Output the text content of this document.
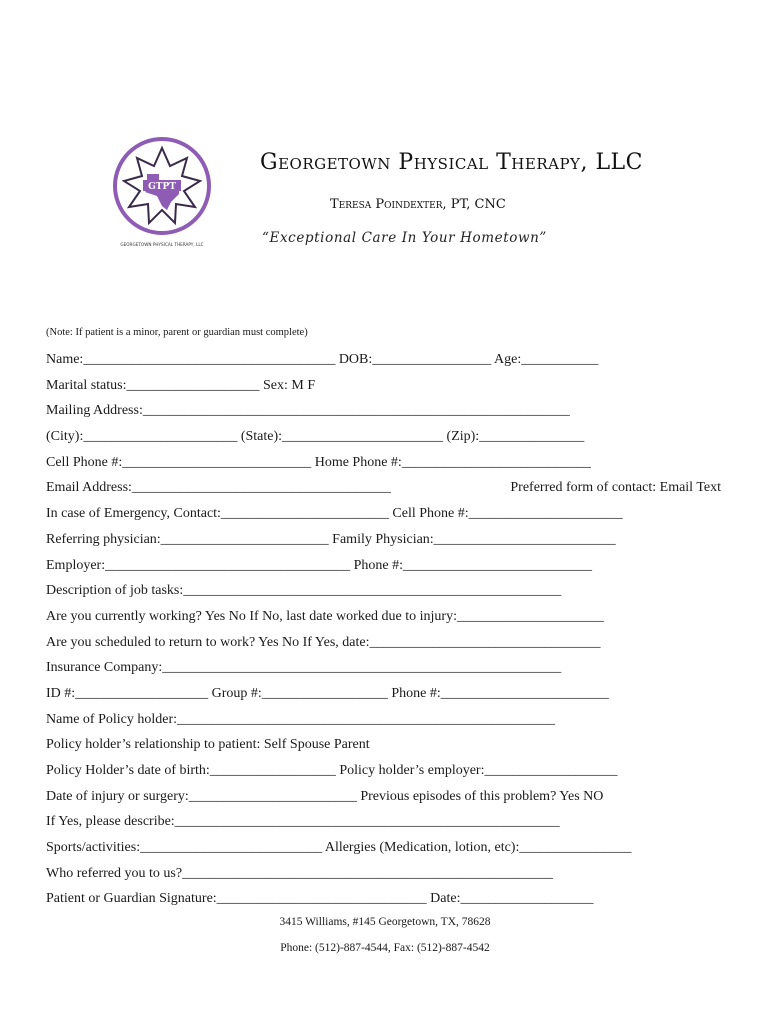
GTPT
GEORGETOWN PHYSICAL THERAPY, LLC
Georgetown Physical Therapy, LLC
Teresa Poindexter, PT, CNC
“Exceptional Care In Your Hometown”
(Note: If patient is a minor, parent or guardian must complete)
Name:____________________________________ DOB:_________________ Age:___________
Marital status:___________________ Sex: M F
Mailing Address:_____________________________________________________________
(City):______________________ (State):_______________________ (Zip):_______________
Cell Phone #:___________________________ Home Phone #:___________________________
Email Address:_____________________________________	Preferred form of contact: Email Text
In case of Emergency, Contact:________________________ Cell Phone #:______________________
Referring physician:________________________ Family Physician:__________________________
Employer:___________________________________ Phone #:___________________________
Description of job tasks:______________________________________________________
Are you currently working? Yes No If No, last date worked due to injury:_____________________
Are you scheduled to return to work? Yes No If Yes, date:_________________________________
Insurance Company:_________________________________________________________
ID #:___________________ Group #:__________________ Phone #:________________________
Name of Policy holder:______________________________________________________
Policy holder’s relationship to patient: Self Spouse Parent
Policy Holder’s date of birth:__________________ Policy holder’s employer:___________________
Date of injury or surgery:________________________ Previous episodes of this problem? Yes NO
If Yes, please describe:_______________________________________________________
Sports/activities:__________________________ Allergies (Medication, lotion, etc):________________
Who referred you to us?_____________________________________________________
Patient or Guardian Signature:______________________________ Date:___________________
3415 Williams, #145 Georgetown, TX, 78628
Phone: (512)-887-4544, Fax: (512)-887-4542
